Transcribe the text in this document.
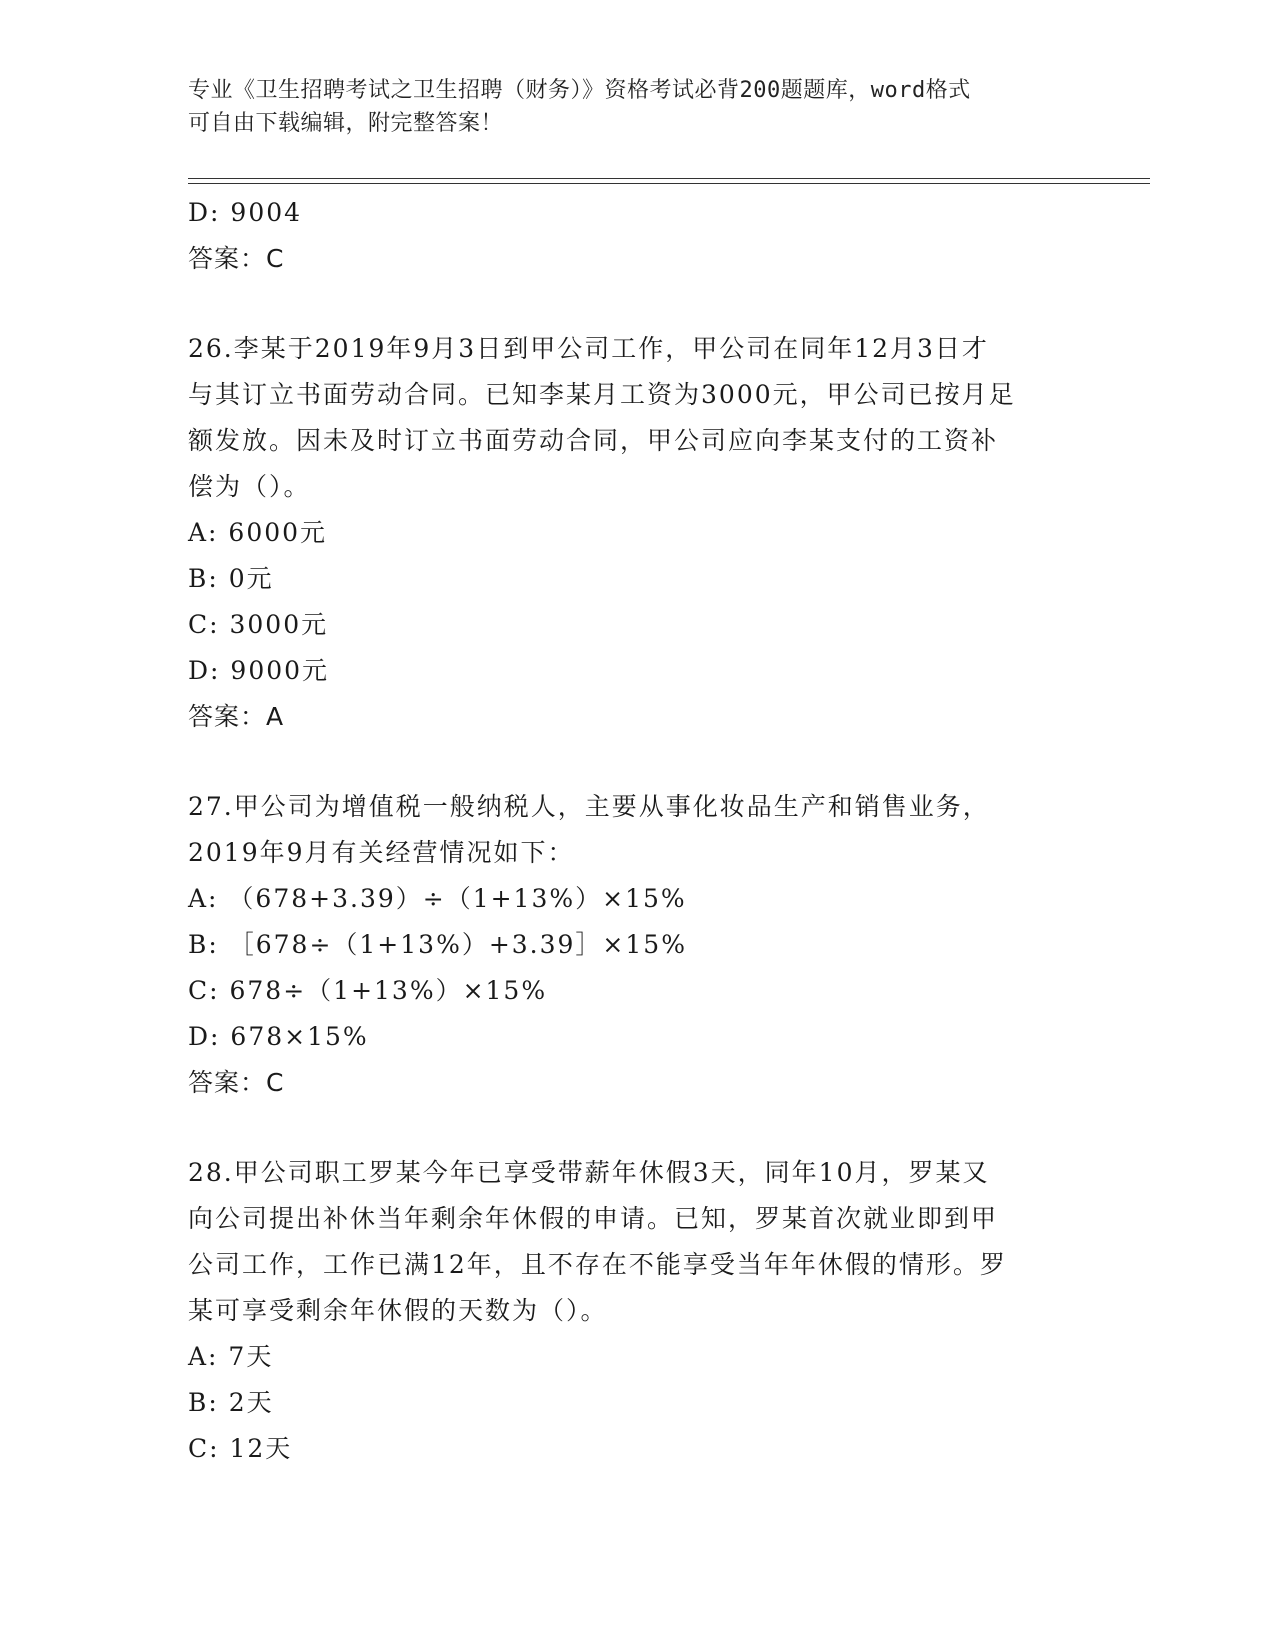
专业《卫生招聘考试之卫生招聘（财务）》资格考试必背200题题库，word格式
可自由下载编辑，附完整答案！
D: 9004
答案：C
26.李某于2019年9月3日到甲公司工作，甲公司在同年12月3日才
与其订立书面劳动合同。已知李某月工资为3000元，甲公司已按月足
额发放。因未及时订立书面劳动合同，甲公司应向李某支付的工资补
偿为（）。
A: 6000元
B: 0元
C: 3000元
D: 9000元
答案：A
27.甲公司为增值税一般纳税人，主要从事化妆品生产和销售业务，
2019年9月有关经营情况如下：
A: （678+3.39）÷（1+13%）×15%
B: ［678÷（1+13%）+3.39］×15%
C: 678÷（1+13%）×15%
D: 678×15%
答案：C
28.甲公司职工罗某今年已享受带薪年休假3天，同年10月，罗某又
向公司提出补休当年剩余年休假的申请。已知，罗某首次就业即到甲
公司工作，工作已满12年，且不存在不能享受当年年休假的情形。罗
某可享受剩余年休假的天数为（）。
A: 7天
B: 2天
C: 12天
